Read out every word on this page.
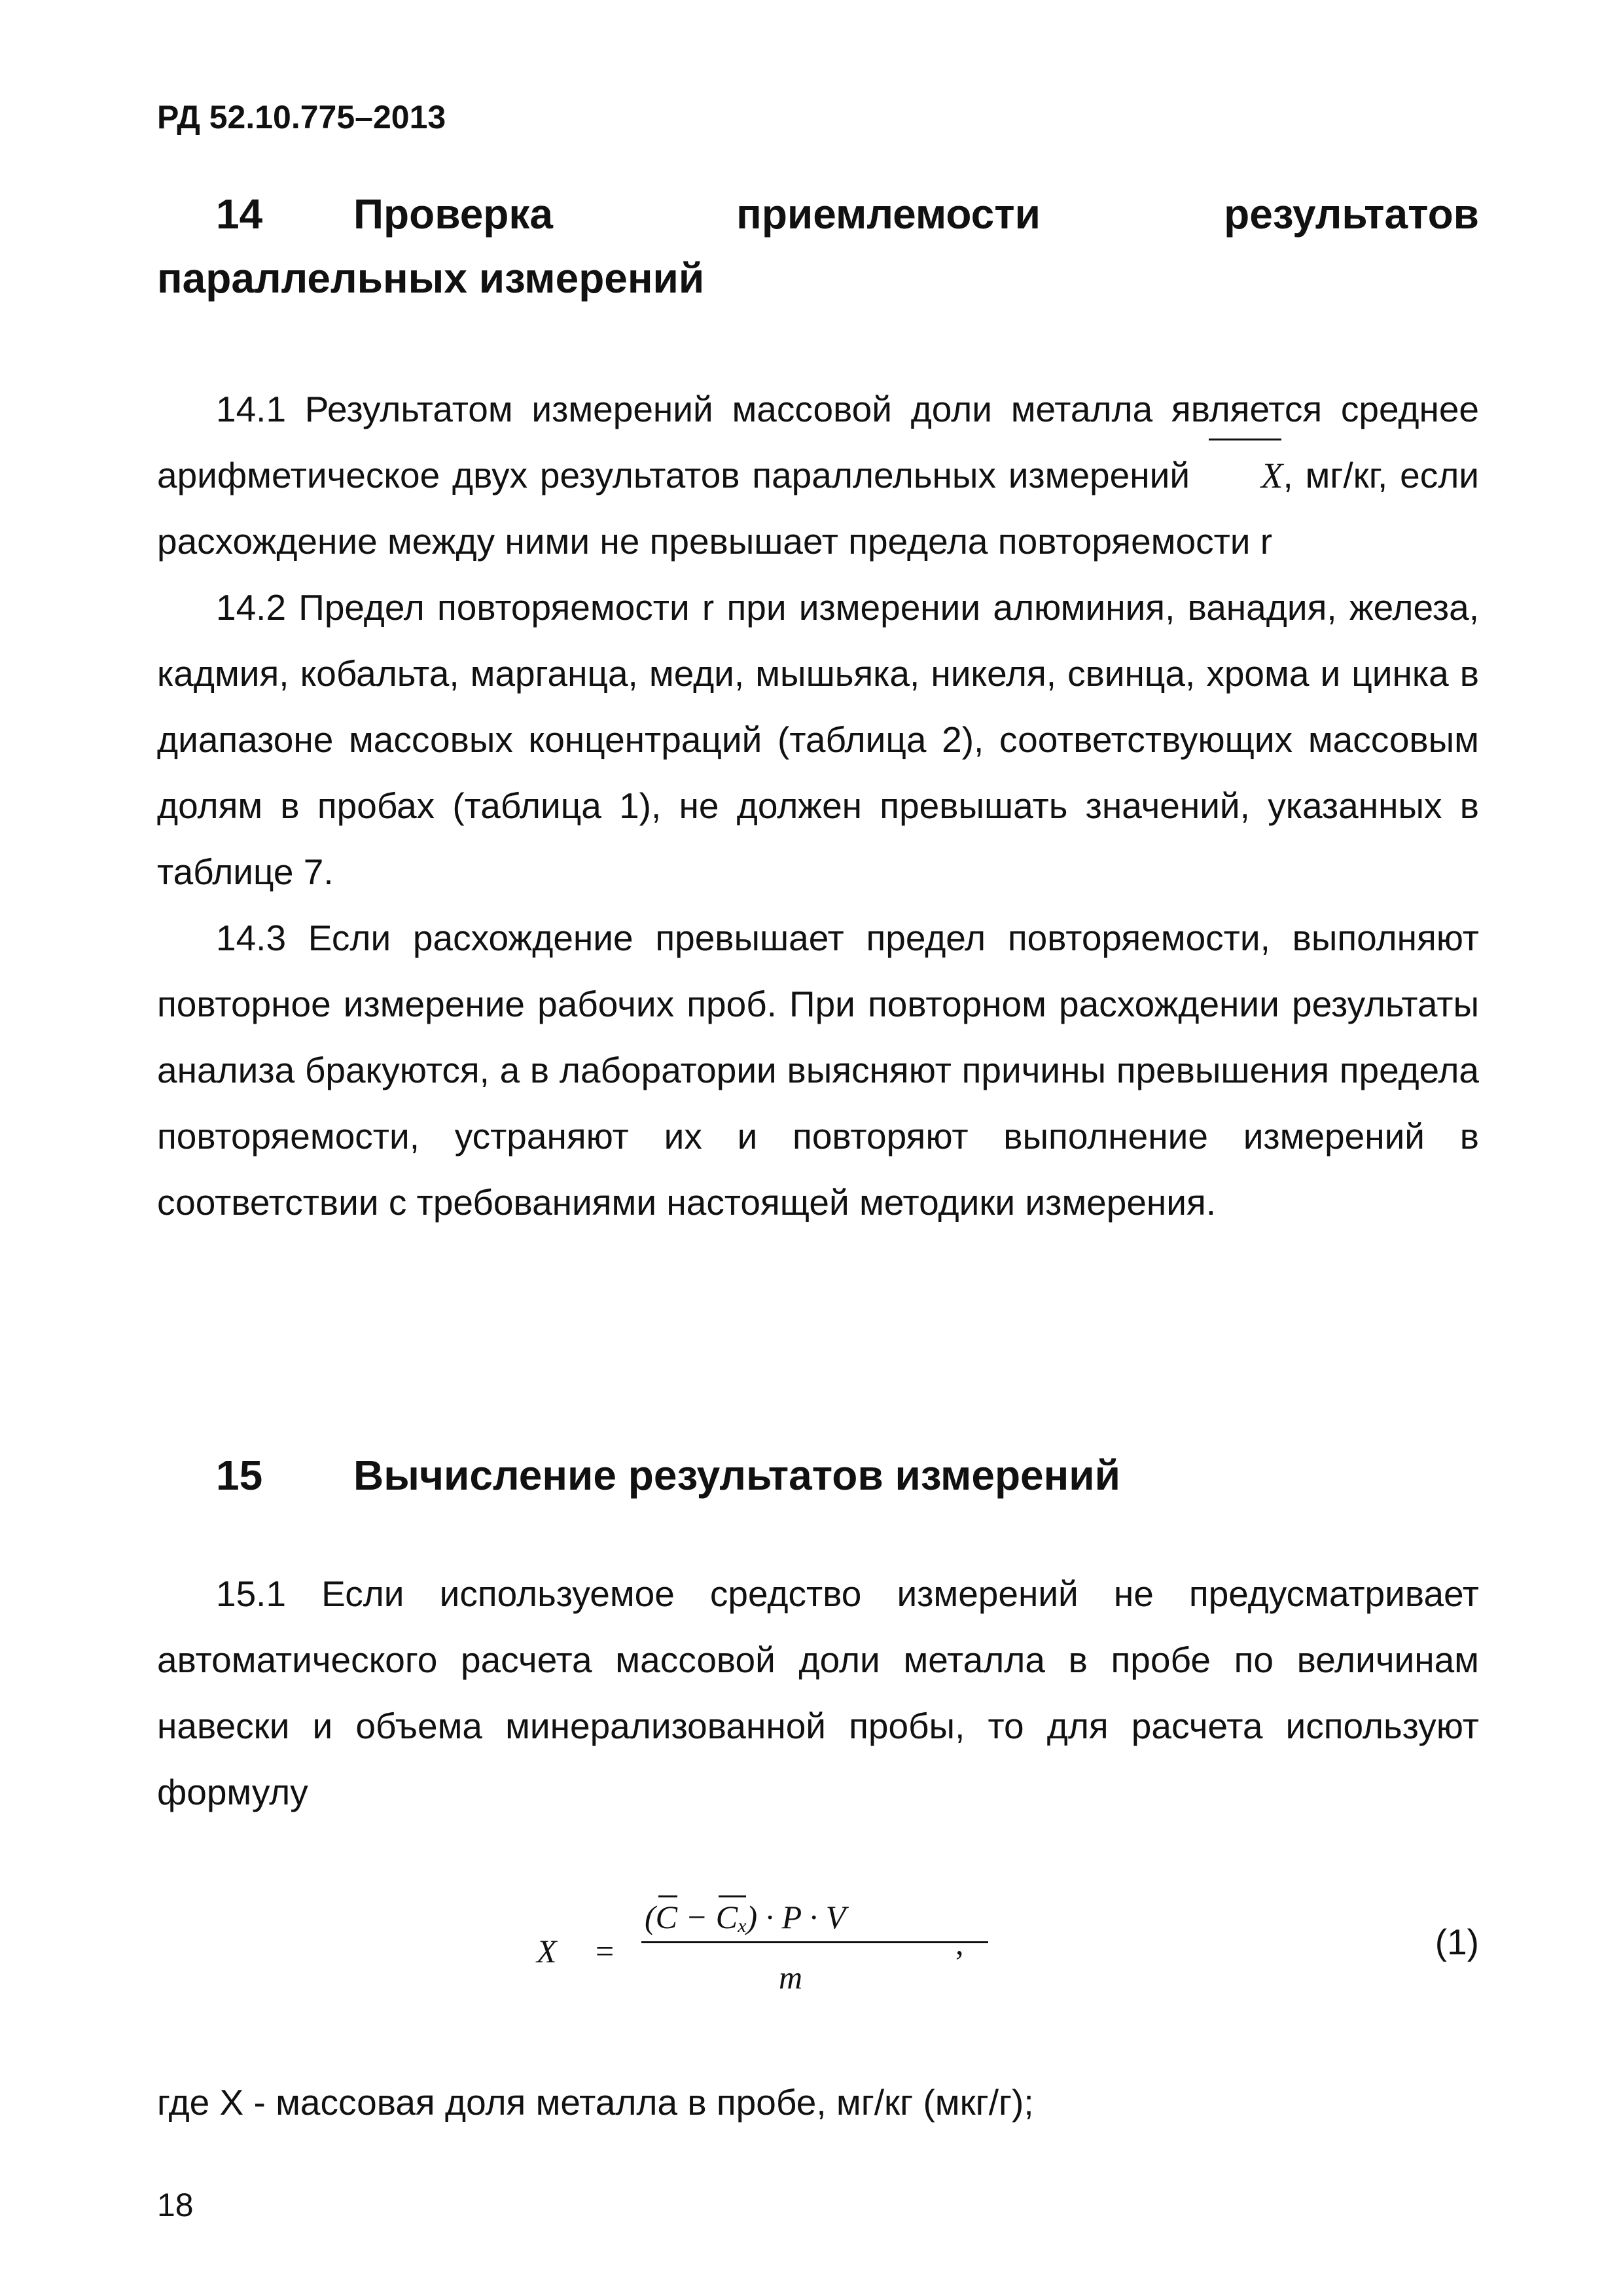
РД 52.10.775–2013
14 Проверка	приемлемости	результатов
параллельных измерений

14.1 Результатом измерений массовой доли металла является среднее арифметическое двух результатов параллельных измерений X, мг/кг, если расхождение между ними не превышает предела повторяемости r

14.2 Предел повторяемости r при измерении алюминия, ванадия, железа, кадмия, кобальта, марганца, меди, мышьяка, никеля, свинца, хрома и цинка в диапазоне массовых концентраций (таблица 2), соответствующих массовым долям в пробах (таблица 1), не должен превышать значений, указанных в таблице 7.

14.3 Если расхождение превышает предел повторяемости, выполняют повторное измерение рабочих проб. При повторном расхождении результаты анализа бракуются, а в лаборатории выясняют причины превышения предела повторяемости, устраняют их и повторяют выполнение измерений в соответствии с требованиями настоящей методики измерения.

15 Вычисление результатов измерений

15.1 Если используемое средство измерений не предусматривает автоматического расчета массовой доли металла в пробе по величинам навески и объема минерализованной пробы, то для расчета используют формулу

X =
$(C - C_x) \cdot P \cdot V$
m
,	(1)
где X - массовая доля металла в пробе, мг/кг (мкг/г);
18
